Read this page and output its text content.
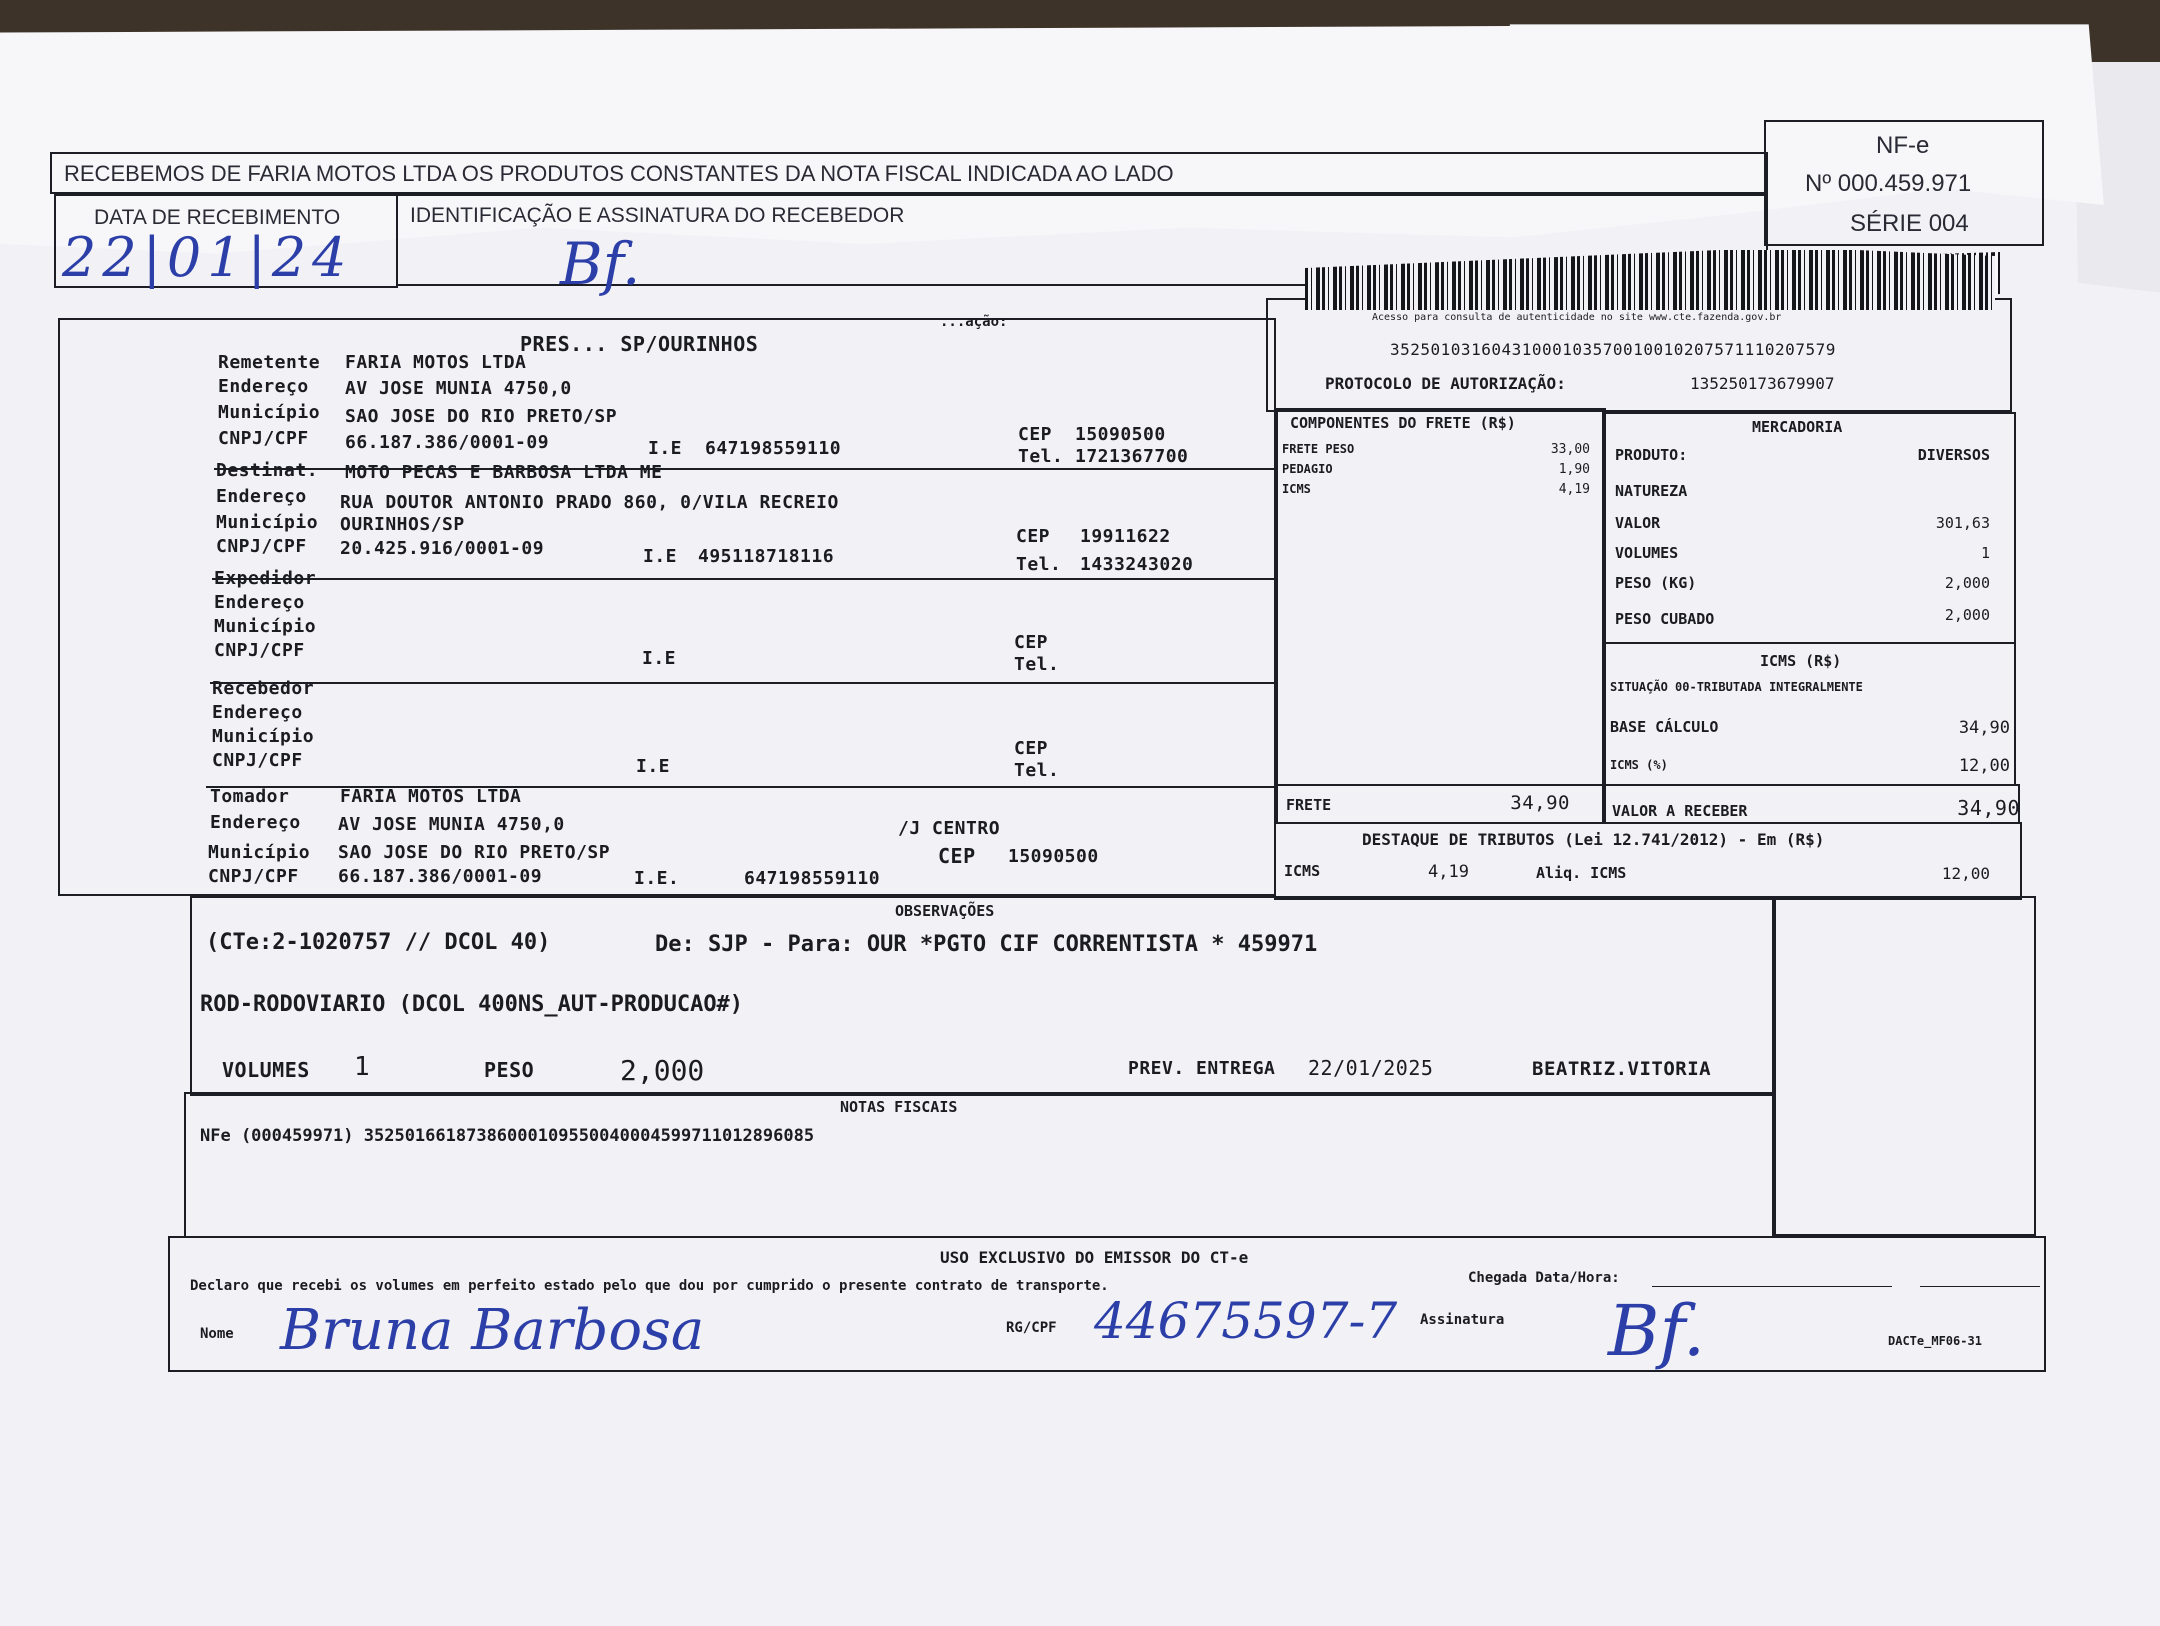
RECEBEMOS DE FARIA MOTOS LTDA OS PRODUTOS CONSTANTES DA NOTA FISCAL INDICADA AO LADO
NF-e
Nº 000.459.971
SÉRIE 004
DATA DE RECEBIMENTO	IDENTIFICAÇÃO E ASSINATURA DO RECEBEDOR
22|01|24	Bf.
...ação:
PRES... SP/OURINHOS
Remetente FARIA MOTOS LTDA
Endereço AV JOSE MUNIA 4750,0
Município SAO JOSE DO RIO PRETO/SP
CNPJ/CPF 66.187.386/0001-09	I.E 647198559110
CEP 15090500
Tel. 1721367700
Destinat. MOTO PECAS E BARBOSA LTDA ME
Endereço RUA DOUTOR ANTONIO PRADO 860, 0/VILA RECREIO
Município OURINHOS/SP
CNPJ/CPF 20.425.916/0001-09	I.E 495118718116
CEP 19911622
Tel. 1433243020
Expedidor
Endereço
Município
CNPJ/CPF	I.E
CEP
Tel.
Recebedor
Endereço
Município
CNPJ/CPF	I.E
CEP
Tel.
Tomador	FARIA MOTOS LTDA
Endereço AV JOSE MUNIA 4750,0	/J CENTRO
Município SAO JOSE DO RIO PRETO/SP	CEP 15090500
CNPJ/CPF 66.187.386/0001-09	I.E.	647198559110
Acesso para consulta de autenticidade no site www.cte.fazenda.gov.br
35250103160431000103570010010207571110207579
PROTOCOLO DE AUTORIZAÇÃO:	135250173679907
COMPONENTES DO FRETE (R$)
FRETE PESO	33,00
PEDAGIO	1,90
ICMS	4,19
MERCADORIA
PRODUTO:	DIVERSOS
NATUREZA
VALOR	301,63
VOLUMES	1
PESO (KG)	2,000
PESO CUBADO	2,000
ICMS (R$)
SITUAÇÃO 00-TRIBUTADA INTEGRALMENTE
BASE CÁLCULO	34,90
ICMS (%)	12,00
FRETE	34,90	VALOR A RECEBER	34,90
DESTAQUE DE TRIBUTOS (Lei 12.741/2012) - Em (R$)
ICMS	4,19	Aliq. ICMS	12,00
OBSERVAÇÕES
(CTe:2-1020757 // DCOL 40)	De: SJP - Para: OUR *PGTO CIF CORRENTISTA * 459971
ROD-RODOVIARIO (DCOL 400NS_AUT-PRODUCAO#)
VOLUMES 1	PESO	2,000	PREV. ENTREGA 22/01/2025	BEATRIZ.VITORIA
NOTAS FISCAIS
NFe (000459971) 35250166187386000109550040004599711012896085
USO EXCLUSIVO DO EMISSOR DO CT-e
Declaro que recebi os volumes em perfeito estado pelo que dou por cumprido o presente contrato de transporte.	Chegada Data/Hora:
Nome Bruna Barbosa	RG/CPF 44675597-7 Assinatura Bf.	DACTe_MF06-31
